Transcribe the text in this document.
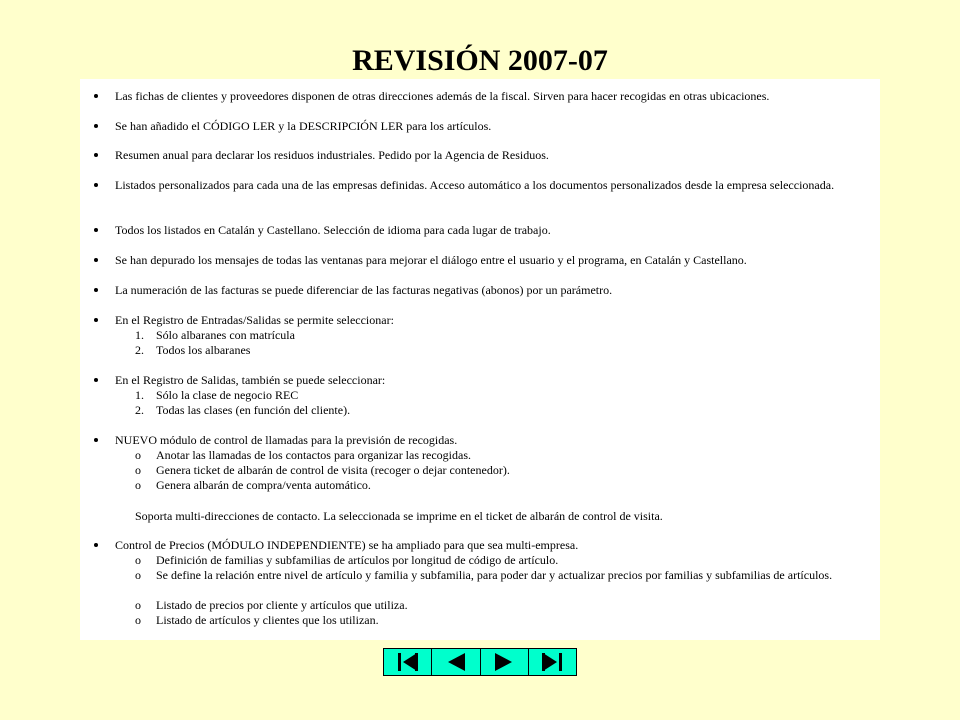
REVISIÓN 2007-07
Las fichas de clientes y proveedores disponen de otras direcciones además de la fiscal. Sirven para hacer recogidas en otras ubicaciones.
Se han añadido el CÓDIGO LER y la DESCRIPCIÓN LER para los artículos.
Resumen anual para declarar los residuos industriales. Pedido por la Agencia de Residuos.
Listados personalizados para cada una de las empresas definidas. Acceso automático a los documentos personalizados desde la empresa seleccionada.
Todos los listados en Catalán y Castellano. Selección de idioma para cada lugar de trabajo.
Se han depurado los mensajes de todas las ventanas para mejorar el diálogo entre el usuario y el programa, en Catalán y Castellano.
La numeración de las facturas se puede diferenciar de las facturas negativas (abonos) por un parámetro.
En el Registro de Entradas/Salidas se permite seleccionar:
1.	Sólo albaranes con matrícula
2.	Todos los albaranes
En el Registro de Salidas, también se puede seleccionar:
1.	Sólo la clase de negocio REC
2.	Todas las clases (en función del cliente).
NUEVO módulo de control de llamadas para la previsión de recogidas.
o	Anotar las llamadas de los contactos para organizar las recogidas.
o	Genera ticket de albarán de control de visita (recoger o dejar contenedor).
o	Genera albarán de compra/venta automático.
Soporta multi-direcciones de contacto. La seleccionada se imprime en el ticket de albarán de control de visita.
Control de Precios (MÓDULO INDEPENDIENTE) se ha ampliado para que sea multi-empresa.
o	Definición de familias y subfamilias de artículos por longitud de código de artículo.
o	Se define la relación entre nivel de artículo y familia y subfamilia, para poder dar y actualizar precios por familias y subfamilias de artículos.
o	Listado de precios por cliente y artículos que utiliza.
o	Listado de artículos y clientes que los utilizan.
